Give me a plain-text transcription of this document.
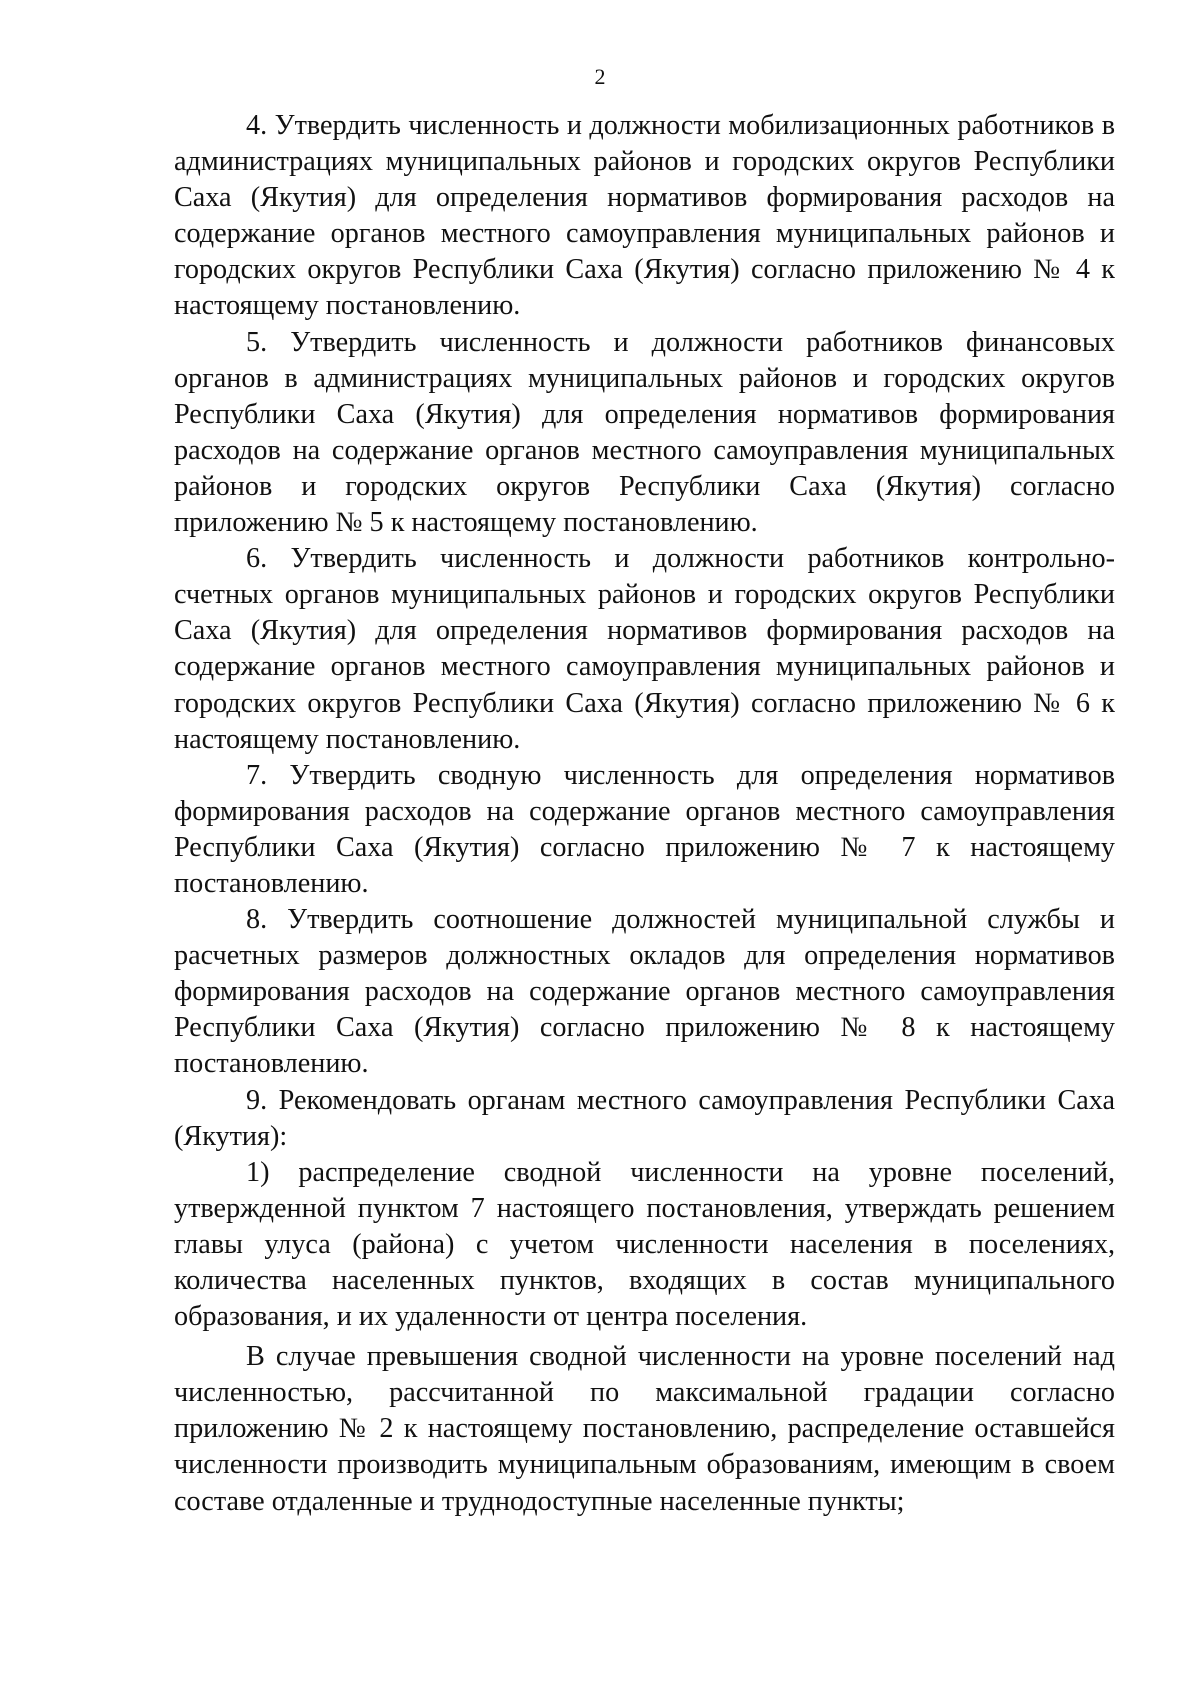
2

4. Утвердить численность и должности мобилизационных работников в администрациях муниципальных районов и городских округов Республики Саха (Якутия) для определения нормативов формирования расходов на содержание органов местного самоуправления муниципальных районов и городских округов Республики Саха (Якутия) согласно приложению № 4 к настоящему постановлению.

5. Утвердить численность и должности работников финансовых органов в администрациях муниципальных районов и городских округов Республики Саха (Якутия) для определения нормативов формирования расходов на содержание органов местного самоуправления муниципальных районов и городских округов Республики Саха (Якутия) согласно приложению № 5 к настоящему постановлению.

6. Утвердить численность и должности работников контрольно-счетных органов муниципальных районов и городских округов Республики Саха (Якутия) для определения нормативов формирования расходов на содержание органов местного самоуправления муниципальных районов и городских округов Республики Саха (Якутия) согласно приложению № 6 к настоящему постановлению.

7. Утвердить сводную численность для определения нормативов формирования расходов на содержание органов местного самоуправления Республики Саха (Якутия) согласно приложению № 7 к настоящему постановлению.

8. Утвердить соотношение должностей муниципальной службы и расчетных размеров должностных окладов для определения нормативов формирования расходов на содержание органов местного самоуправления Республики Саха (Якутия) согласно приложению № 8 к настоящему постановлению.

9. Рекомендовать органам местного самоуправления Республики Саха (Якутия):

1) распределение сводной численности на уровне поселений, утвержденной пунктом 7 настоящего постановления, утверждать решением главы улуса (района) с учетом численности населения в поселениях, количества населенных пунктов, входящих в состав муниципального образования, и их удаленности от центра поселения.

В случае превышения сводной численности на уровне поселений над численностью, рассчитанной по максимальной градации согласно приложению № 2 к настоящему постановлению, распределение оставшейся численности производить муниципальным образованиям, имеющим в своем составе отдаленные и труднодоступные населенные пункты;
